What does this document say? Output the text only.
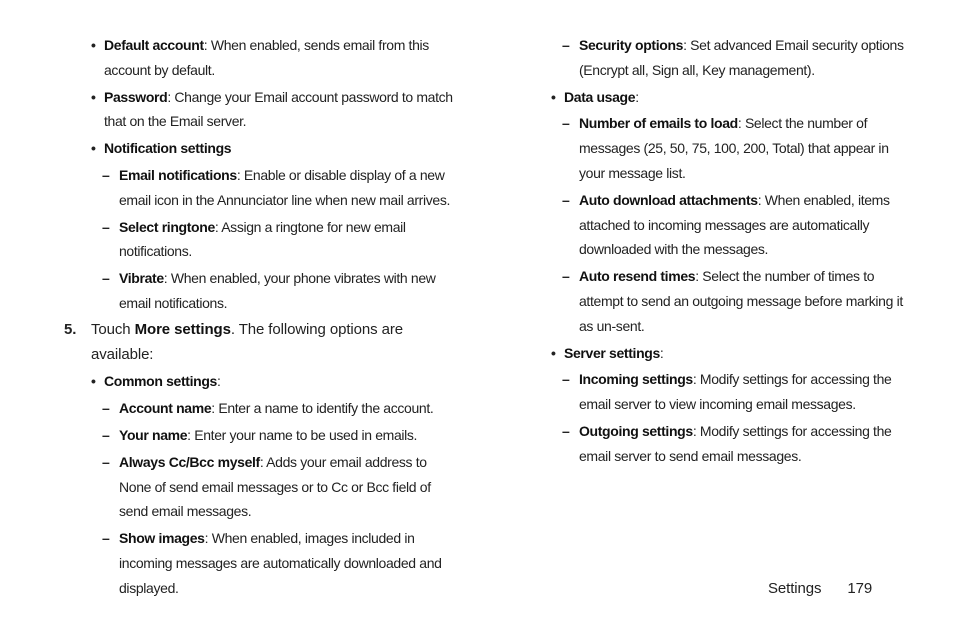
• Default account: When enabled, sends email from this account by default.
• Password: Change your Email account password to match that on the Email server.
• Notification settings
– Email notifications: Enable or disable display of a new email icon in the Annunciator line when new mail arrives.
– Select ringtone: Assign a ringtone for new email notifications.
– Vibrate: When enabled, your phone vibrates with new email notifications.
5. Touch More settings. The following options are available:
• Common settings:
– Account name: Enter a name to identify the account.
– Your name: Enter your name to be used in emails.
– Always Cc/Bcc myself: Adds your email address to None of send email messages or to Cc or Bcc field of send email messages.
– Show images: When enabled, images included in incoming messages are automatically downloaded and displayed.
– Security options: Set advanced Email security options (Encrypt all, Sign all, Key management).
• Data usage:
– Number of emails to load: Select the number of messages (25, 50, 75, 100, 200, Total) that appear in your message list.
– Auto download attachments: When enabled, items attached to incoming messages are automatically downloaded with the messages.
– Auto resend times: Select the number of times to attempt to send an outgoing message before marking it as un-sent.
• Server settings:
– Incoming settings: Modify settings for accessing the email server to view incoming email messages.
– Outgoing settings: Modify settings for accessing the email server to send email messages.
Settings 179
